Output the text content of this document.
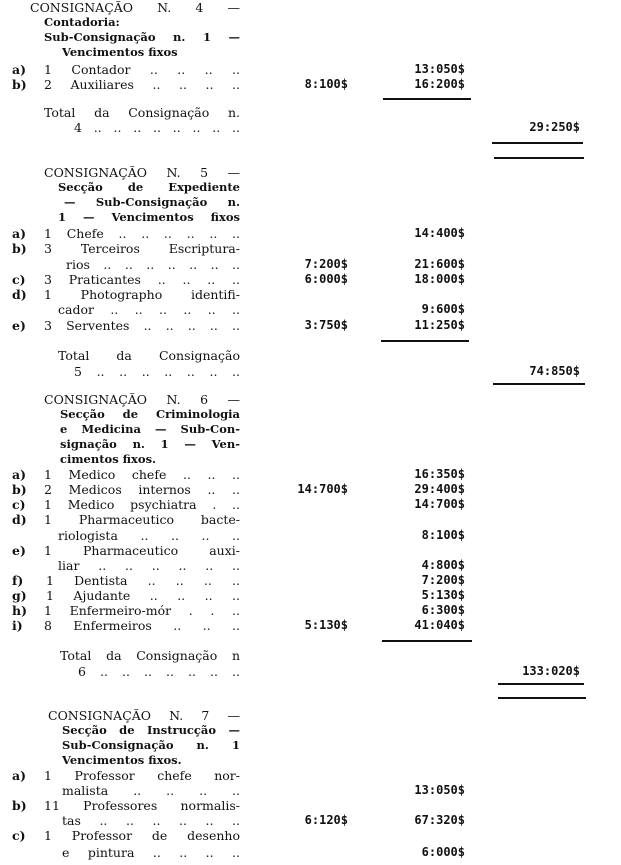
CONSIGNAÇÃO N. 4 —
Contadoria:
Sub-Consignação n. 1 —
Vencimentos fixos
a) 1 Contador .. .. .. ..	13:050$
b) 2 Auxiliares .. .. .. ..	8:100$	16:200$
Total da Consignação n.
4 .. .. .. .. .. .. .. ..	29:250$
CONSIGNAÇÃO N. 5 —
Secção de Expediente
— Sub-Consignação n.
1 — Vencimentos fixos
a) 1 Chefe .. .. .. .. .. ..	14:400$
b) 3 Terceiros Escriptura-
rios .. .. .. .. .. .. ..	7:200$	21:600$
c) 3 Praticantes .. .. .. ..	6:000$	18:000$
d) 1 Photographo identifi-
cador .. .. .. .. .. ..	9:600$
e) 3 Serventes .. .. .. .. ..	3:750$	11:250$
Total da Consignação
5 .. .. .. .. .. .. ..	74:850$
CONSIGNAÇÃO N. 6 —
Secção de Criminologia
e Medicina — Sub-Con-
signação n. 1 — Ven-
cimentos fixos.
a) 1 Medico chefe .. .. ..	16:350$
b) 2 Medicos internos .. ..	14:700$	29:400$
c) 1 Medico psychiatra . ..	14:700$
d) 1 Pharmaceutico bacte-
riologista .. .. .. ..	8:100$
e) 1 Pharmaceutico auxi-
liar .. .. .. .. .. ..	4:800$
f) 1 Dentista .. .. .. ..	7:200$
g) 1 Ajudante .. .. .. ..	5:130$
h) 1 Enfermeiro-mór . . ..	6:300$
i) 8 Enfermeiros .. .. ..	5:130$	41:040$
Total da Consignação n
6 .. .. .. .. .. .. ..	133:020$
CONSIGNAÇÃO N. 7 —
Secção de Instrucção —
Sub-Consignação n. 1
Vencimentos fixos.
a) 1 Professor chefe nor-
malista .. .. .. ..	13:050$
b) 11 Professores normalis-
tas .. .. .. .. .. ..	6:120$	67:320$
c) 1 Professor de desenho
e pintura .. .. .. ..	6:000$
